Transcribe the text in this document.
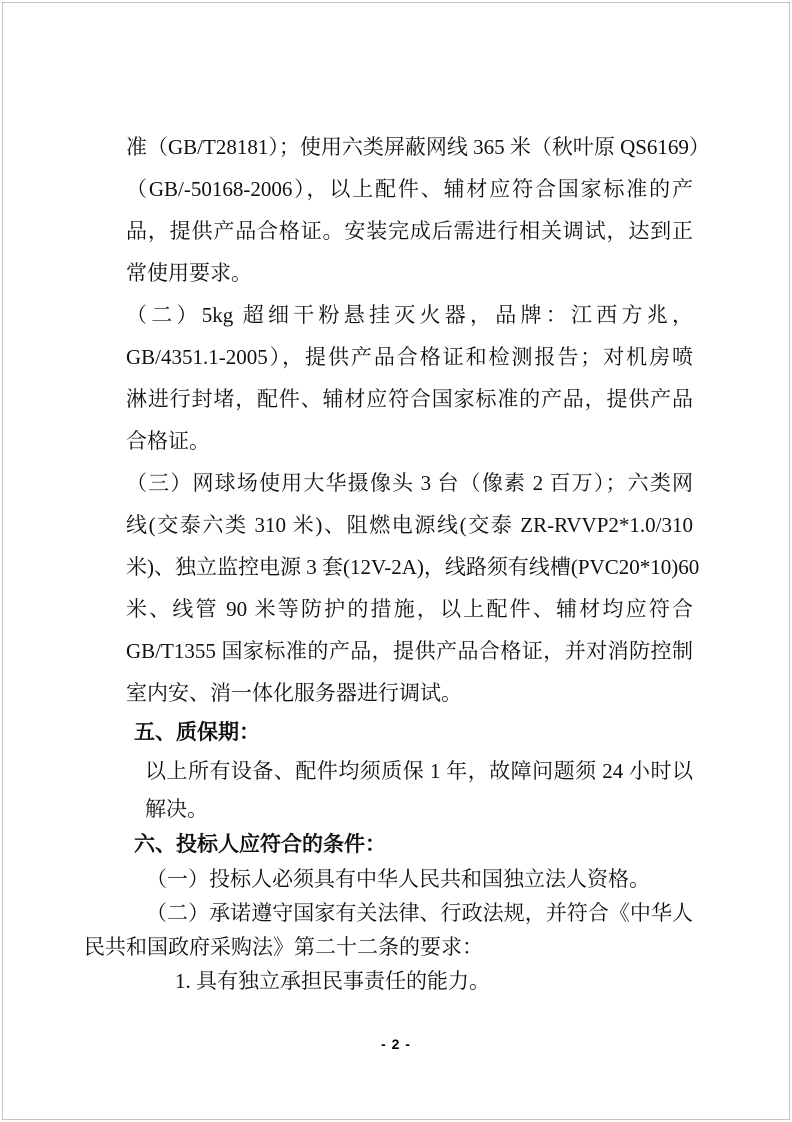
准（GB/T28181）；使用六类屏蔽网线 365 米（秋叶原 QS6169）
（GB/-50168-2006），以上配件、辅材应符合国家标准的产
品，提供产品合格证。安装完成后需进行相关调试，达到正
常使用要求。
（二）5kg 超细干粉悬挂灭火器，品牌：江西方兆，
GB/4351.1-2005），提供产品合格证和检测报告；对机房喷
淋进行封堵，配件、辅材应符合国家标准的产品，提供产品
合格证。
（三）网球场使用大华摄像头 3 台（像素 2 百万）；六类网
线(交泰六类 310 米)、阻燃电源线(交泰 ZR-RVVP2*1.0/310
米)、独立监控电源 3 套(12V-2A)，线路须有线槽(PVC20*10)60
米、线管 90 米等防护的措施，以上配件、辅材均应符合
GB/T1355 国家标准的产品，提供产品合格证，并对消防控制
室内安、消一体化服务器进行调试。
五、质保期：
以上所有设备、配件均须质保 1 年，故障问题须 24 小时以
解决。
六、投标人应符合的条件：
（一）投标人必须具有中华人民共和国独立法人资格。
（二）承诺遵守国家有关法律、行政法规，并符合《中华人
民共和国政府采购法》第二十二条的要求：
1. 具有独立承担民事责任的能力。
- 2 -
